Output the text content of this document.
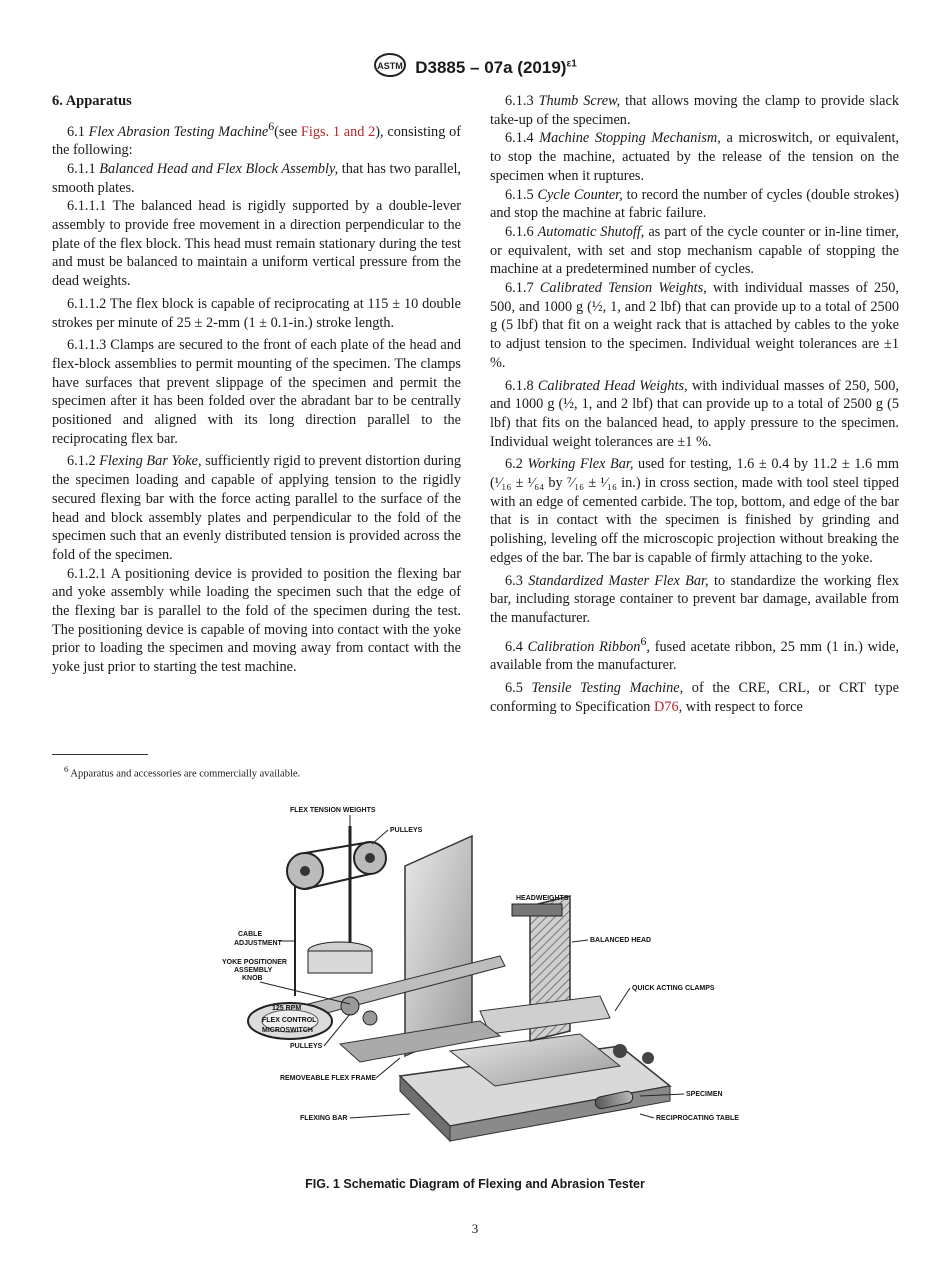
ASTM D3885 – 07a $(2019)^{\varepsilon 1}$
6. Apparatus

6.1 Flex Abrasion Testing Machine$^6$(see Figs. 1 and 2), consisting of the following:

6.1.1 Balanced Head and Flex Block Assembly, that has two parallel, smooth plates.

6.1.1.1 The balanced head is rigidly supported by a double-lever assembly to provide free movement in a direction perpendicular to the plate of the flex block. This head must remain stationary during the test and must be balanced to maintain a uniform vertical pressure from the dead weights.

6.1.1.2 The flex block is capable of reciprocating at 115 ± 10 double strokes per minute of 25 ± 2-mm (1 ± 0.1-in.) stroke length.

6.1.1.3 Clamps are secured to the front of each plate of the head and flex-block assemblies to permit mounting of the specimen. The clamps have surfaces that prevent slippage of the specimen and permit the specimen after it has been folded over the abradant bar to be centrally positioned and aligned with its long direction parallel to the reciprocating flex bar.

6.1.2 Flexing Bar Yoke, sufficiently rigid to prevent distortion during the specimen loading and capable of applying tension to the rigidly secured flexing bar with the force acting parallel to the surface of the head and block assembly plates and perpendicular to the fold of the specimen such that an evenly distributed tension is provided across the fold of the specimen.

6.1.2.1 A positioning device is provided to position the flexing bar and yoke assembly while loading the specimen such that the edge of the flexing bar is parallel to the fold of the specimen during the test. The positioning device is capable of moving into contact with the yoke prior to loading the specimen and moving away from contact with the yoke just prior to starting the test machine.

6.1.3 Thumb Screw, that allows moving the clamp to provide slack take-up of the specimen.

6.1.4 Machine Stopping Mechanism, a microswitch, or equivalent, to stop the machine, actuated by the release of the tension on the specimen when it ruptures.

6.1.5 Cycle Counter, to record the number of cycles (double strokes) and stop the machine at fabric failure.

6.1.6 Automatic Shutoff, as part of the cycle counter or in-line timer, or equivalent, with set and stop mechanism capable of stopping the machine at a predetermined number of cycles.

6.1.7 Calibrated Tension Weights, with individual masses of 250, 500, and 1000 g (½, 1, and 2 lbf) that can provide up to a total of 2500 g (5 lbf) that fit on a weight rack that is attached by cables to the yoke to adjust tension to the specimen. Individual weight tolerances are ±1 %.

6.1.8 Calibrated Head Weights, with individual masses of 250, 500, and 1000 g (½, 1, and 2 lbf) that can provide up to a total of 2500 g (5 lbf) that fits on the balanced head, to apply pressure to the specimen. Individual weight tolerances are ±1 %.

6.2 Working Flex Bar, used for testing, 1.6 ± 0.4 by 11.2 ± 1.6 mm (¹⁄₁₆ ± ¹⁄₆₄ by ⁷⁄₁₆ ± ¹⁄₁₆ in.) in cross section, made with tool steel tipped with an edge of cemented carbide. The top, bottom, and edge of the bar that is in contact with the specimen is finished by grinding and polishing, leveling off the microscopic projection without breaking the edges of the bar. The bar is capable of firmly attaching to the yoke.

6.3 Standardized Master Flex Bar, to standardize the working flex bar, including storage container to prevent bar damage, available from the manufacturer.

6.4 Calibration Ribbon$^6$, fused acetate ribbon, 25 mm (1 in.) wide, available from the manufacturer.

6.5 Tensile Testing Machine, of the CRE, CRL, or CRT type conforming to Specification D76, with respect to force

$^6$ Apparatus and accessories are commercially available.
FLEX TENSION WEIGHTS
PULLEYS
HEADWEIGHTS
BALANCED HEAD
CABLE
ADJUSTMENT
YOKE POSITIONER
ASSEMBLY
KNOB
125 RPM
FLEX CONTROL
MICROSWITCH
QUICK ACTING CLAMPS
PULLEYS
REMOVEABLE FLEX FRAME
SPECIMEN
FLEXING BAR	RECIPROCATING TABLE
FIG. 1 Schematic Diagram of Flexing and Abrasion Tester
3
